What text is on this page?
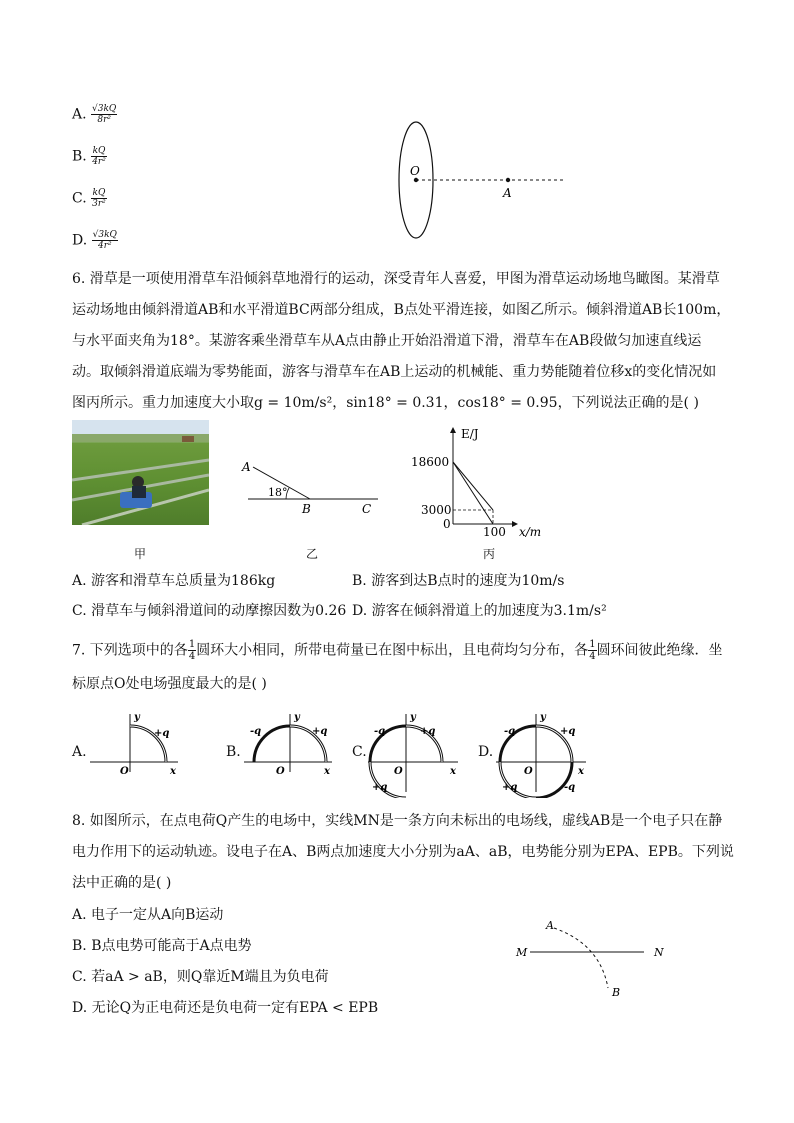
A. $\frac{√3kQ}{\text{8r²}}$
B. $\frac{kQ}{\text{4r²}}$
C. $\frac{kQ}{\text{3r²}}$
D. $\frac{√3kQ}{\text{4r²}}$
O
A
6. 滑草是一项使用滑草车沿倾斜草地滑行的运动，深受青年人喜爱，甲图为滑草运动场地鸟瞰图。某滑草
运动场地由倾斜滑道AB和水平滑道BC两部分组成，B点处平滑连接，如图乙所示。倾斜滑道AB长100m，
与水平面夹角为18°。某游客乘坐滑草车从A点由静止开始沿滑道下滑，滑草车在AB段做匀加速直线运
动。取倾斜滑道底端为零势能面，游客与滑草车在AB上运动的机械能、重力势能随着位移x的变化情况如
图丙所示。重力加速度大小取g = 10m/s²，sin18° = 0.31，cos18° = 0.95，下列说法正确的是( )
甲
A
18°
B	C
乙
E/J
18600
3000
0
100 x/m
丙
A. 游客和滑草车总质量为186kg	B. 游客到达B点时的速度为10m/s
C. 滑草车与倾斜滑道间的动摩擦因数为0.26 D. 游客在倾斜滑道上的加速度为3.1m/s²
7. 下列选项中的各 $\frac{1}{4}$ 圆环大小相同，所带电荷量已在图中标出，且电荷均匀分布，各 $\frac{1}{4}$ 圆环间彼此绝缘．坐
标原点O处电场强度最大的是( )
A.
y
x
O
+q
B.
y
x
O
-q	+q
C.
y
x
O
-q	+q
+q
D.
y
x
O
-q	+q
+q	-q
8. 如图所示，在点电荷Q产生的电场中，实线MN是一条方向未标出的电场线，虚线AB是一个电子只在静
电力作用下的运动轨迹。设电子在A、B两点加速度大小分别为aA、aB，电势能分别为EPA、EPB。下列说
法中正确的是( )
A. 电子一定从A向B运动
B. B点电势可能高于A点电势
C. 若aA > aB，则Q靠近M端且为负电荷
D. 无论Q为正电荷还是负电荷一定有EPA < EPB
A
B
M	N
